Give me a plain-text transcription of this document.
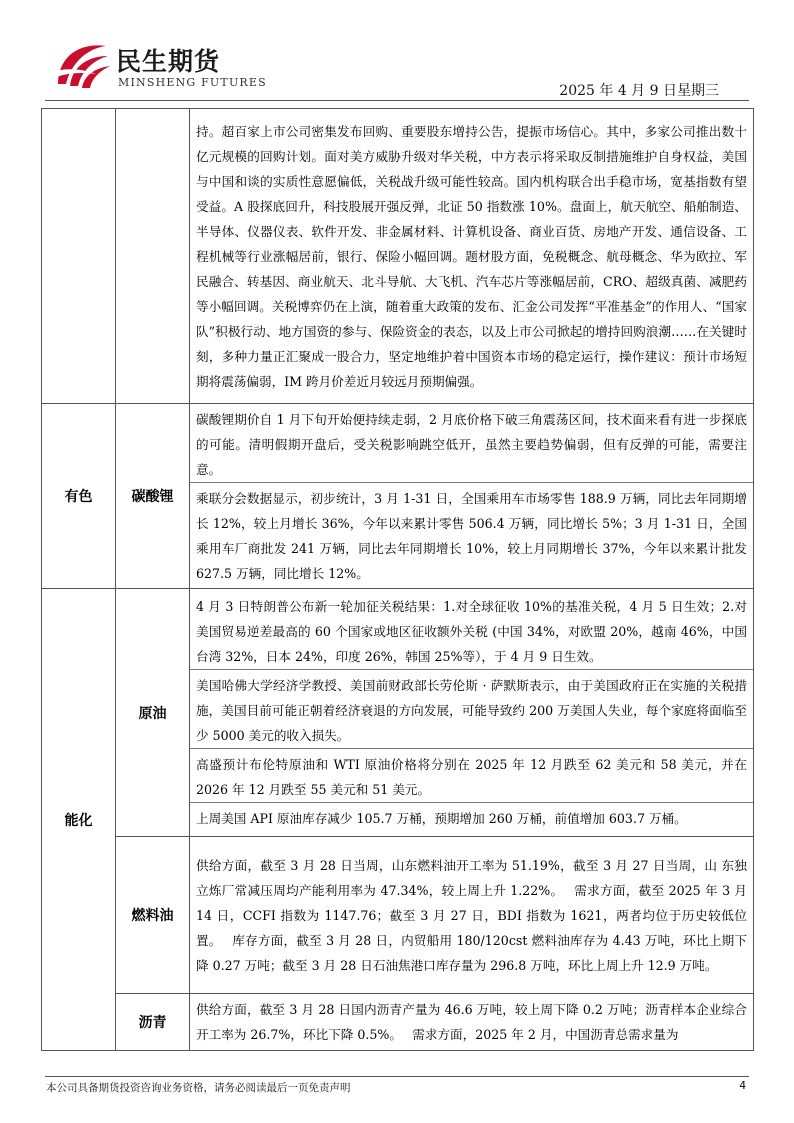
民生期货
MINSHENG FUTURES
2025 年 4 月 9 日星期三

		持。超百家上市公司密集发布回购、重要股东增持公告，提振市场信心。其中，多家公司推出数十亿元规模的回购计划。面对美方威胁升级对华关税，中方表示将采取反制措施维护自身权益，美国与中国和谈的实质性意愿偏低，关税战升级可能性较高。国内机构联合出手稳市场，宽基指数有望受益。A 股探底回升，科技股展开强反弹，北证 50 指数涨 10%。盘面上，航天航空、船舶制造、半导体、仪器仪表、软件开发、非金属材料、计算机设备、商业百货、房地产开发、通信设备、工程机械等行业涨幅居前，银行、保险小幅回调。题材股方面，免税概念、航母概念、华为欧拉、军民融合、转基因、商业航天、北斗导航、大飞机、汽车芯片等涨幅居前，CRO、超级真菌、减肥药等小幅回调。关税博弈仍在上演，随着重大政策的发布、汇金公司发挥“平准基金”的作用人、“国家队”积极行动、地方国资的参与、保险资金的表态，以及上市公司掀起的增持回购浪潮……在关键时刻，多种力量正汇聚成一股合力，坚定地维护着中国资本市场的稳定运行，操作建议：预计市场短期将震荡偏弱，IM 跨月价差近月较远月预期偏强。

有色	碳酸锂	碳酸锂期价自 1 月下旬开始便持续走弱，2 月底价格下破三角震荡区间，技术面来看有进一步探底的可能。清明假期开盘后，受关税影响跳空低开，虽然主要趋势偏弱，但有反弹的可能，需要注意。

乘联分会数据显示，初步统计，3 月 1-31 日，全国乘用车市场零售 188.9 万辆，同比去年同期增长 12%，较上月增长 36%，今年以来累计零售 506.4 万辆，同比增长 5%；3 月 1-31 日，全国乘用车厂商批发 241 万辆，同比去年同期增长 10%，较上月同期增长 37%，今年以来累计批发 627.5 万辆，同比增长 12%。

能化	原油	4 月 3 日特朗普公布新一轮加征关税结果：1.对全球征收 10%的基准关税，4 月 5 日生效；2.对美国贸易逆差最高的 60 个国家或地区征收额外关税 (中国 34%，对欧盟 20%，越南 46%，中国台湾 32%，日本 24%，印度 26%，韩国 25%等），于 4 月 9 日生效。

美国哈佛大学经济学教授、美国前财政部长劳伦斯 · 萨默斯表示，由于美国政府正在实施的关税措施，美国目前可能正朝着经济衰退的方向发展，可能导致约 200 万美国人失业，每个家庭将面临至少 5000 美元的收入损失。

高盛预计布伦特原油和 WTI 原油价格将分别在 2025 年 12 月跌至 62 美元和 58 美元，并在 2026 年 12 月跌至 55 美元和 51 美元。

上周美国 API 原油库存减少 105.7 万桶，预期增加 260 万桶，前值增加 603.7 万桶。

	燃料油	供给方面，截至 3 月 28 日当周，山东燃料油开工率为 51.19%，截至 3 月 27 日当周，山 东独立炼厂常减压周均产能利用率为 47.34%，较上周上升 1.22%。　 需求方面，截至 2025 年 3 月 14 日，CCFI 指数为 1147.76；截至 3 月 27 日，BDI 指数为 1621，两者均位于历史较低位置。　 库存方面，截至 3 月 28 日，内贸船用 180/120cst 燃料油库存为 4.43 万吨，环比上期下 降 0.27 万吨；截至 3 月 28 日石油焦港口库存量为 296.8 万吨，环比上周上升 12.9 万吨。

	沥青	供给方面，截至 3 月 28 日国内沥青产量为 46.6 万吨，较上周下降 0.2 万吨；沥青样本企业综合开工率为 26.7%，环比下降 0.5%。　 需求方面，2025 年 2 月，中国沥青总需求量为

本公司具备期货投资咨询业务资格，请务必阅读最后一页免责声明	4
